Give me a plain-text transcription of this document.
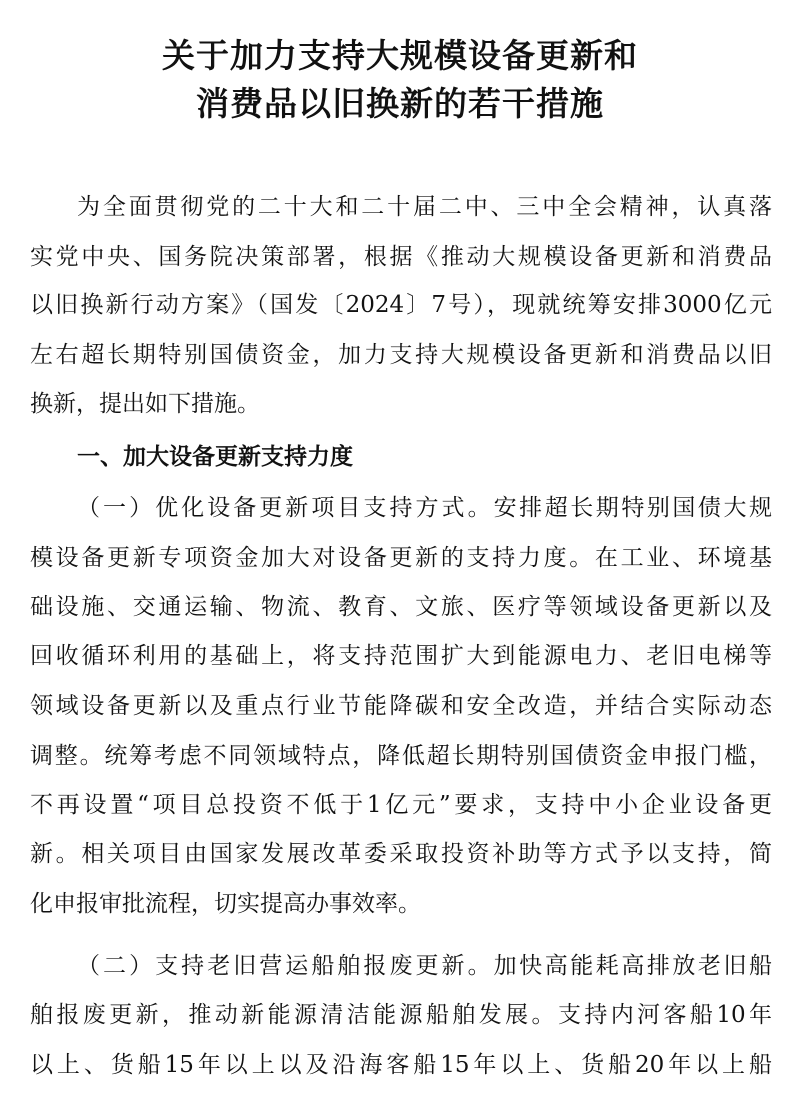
关于加力支持大规模设备更新和
消费品以旧换新的若干措施
为全面贯彻党的二十大和二十届二中、三中全会精神，认真落
实党中央、国务院决策部署，根据《推动大规模设备更新和消费品
以旧换新行动方案》（国发〔2024〕7号），现就统筹安排3000亿元
左右超长期特别国债资金，加力支持大规模设备更新和消费品以旧
换新，提出如下措施。
一、加大设备更新支持力度
（一）优化设备更新项目支持方式。安排超长期特别国债大规
模设备更新专项资金加大对设备更新的支持力度。在工业、环境基
础设施、交通运输、物流、教育、文旅、医疗等领域设备更新以及
回收循环利用的基础上，将支持范围扩大到能源电力、老旧电梯等
领域设备更新以及重点行业节能降碳和安全改造，并结合实际动态
调整。统筹考虑不同领域特点，降低超长期特别国债资金申报门槛，
不再设置“项目总投资不低于1亿元”要求，支持中小企业设备更
新。相关项目由国家发展改革委采取投资补助等方式予以支持，简
化申报审批流程，切实提高办事效率。
（二）支持老旧营运船舶报废更新。加快高能耗高排放老旧船
舶报废更新，推动新能源清洁能源船舶发展。支持内河客船10年
以上、货船15年以上以及沿海客船15年以上、货船20年以上船
